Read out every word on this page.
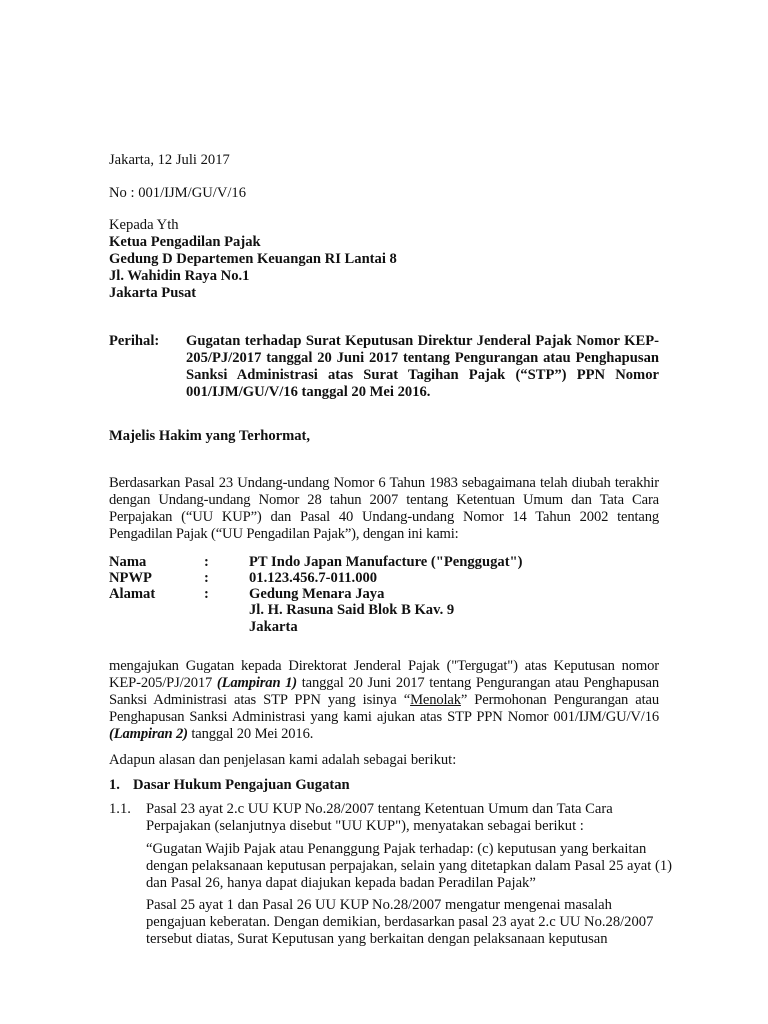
Jakarta, 12 Juli 2017
No : 001/IJM/GU/V/16
Kepada Yth
Ketua Pengadilan Pajak
Gedung D Departemen Keuangan RI Lantai 8
Jl. Wahidin Raya No.1
Jakarta Pusat
Perihal: Gugatan terhadap Surat Keputusan Direktur Jenderal Pajak Nomor KEP-
205/PJ/2017 tanggal 20 Juni 2017 tentang Pengurangan atau Penghapusan
Sanksi Administrasi atas Surat Tagihan Pajak (“STP”) PPN Nomor
001/IJM/GU/V/16 tanggal 20 Mei 2016.
Majelis Hakim yang Terhormat,
Berdasarkan Pasal 23 Undang-undang Nomor 6 Tahun 1983 sebagaimana telah diubah terakhir
dengan Undang-undang Nomor 28 tahun 2007 tentang Ketentuan Umum dan Tata Cara
Perpajakan (“UU KUP”) dan Pasal 40 Undang-undang Nomor 14 Tahun 2002 tentang
Pengadilan Pajak (“UU Pengadilan Pajak”), dengan ini kami:
Nama	:	PT Indo Japan Manufacture ("Penggugat")
NPWP	:	01.123.456.7-011.000
Alamat	:	Gedung Menara Jaya
Jl. H. Rasuna Said Blok B Kav. 9
Jakarta
mengajukan Gugatan kepada Direktorat Jenderal Pajak ("Tergugat") atas Keputusan nomor
KEP-205/PJ/2017 (Lampiran 1) tanggal 20 Juni 2017 tentang Pengurangan atau Penghapusan
Sanksi Administrasi atas STP PPN yang isinya “Menolak” Permohonan Pengurangan atau
Penghapusan Sanksi Administrasi yang kami ajukan atas STP PPN Nomor 001/IJM/GU/V/16
(Lampiran 2) tanggal 20 Mei 2016.
Adapun alasan dan penjelasan kami adalah sebagai berikut:
1. Dasar Hukum Pengajuan Gugatan
1.1. Pasal 23 ayat 2.c UU KUP No.28/2007 tentang Ketentuan Umum dan Tata Cara
Perpajakan (selanjutnya disebut "UU KUP"), menyatakan sebagai berikut :
“Gugatan Wajib Pajak atau Penanggung Pajak terhadap: (c) keputusan yang berkaitan
dengan pelaksanaan keputusan perpajakan, selain yang ditetapkan dalam Pasal 25 ayat (1)
dan Pasal 26, hanya dapat diajukan kepada badan Peradilan Pajak”
Pasal 25 ayat 1 dan Pasal 26 UU KUP No.28/2007 mengatur mengenai masalah
pengajuan keberatan. Dengan demikian, berdasarkan pasal 23 ayat 2.c UU No.28/2007
tersebut diatas, Surat Keputusan yang berkaitan dengan pelaksanaan keputusan
